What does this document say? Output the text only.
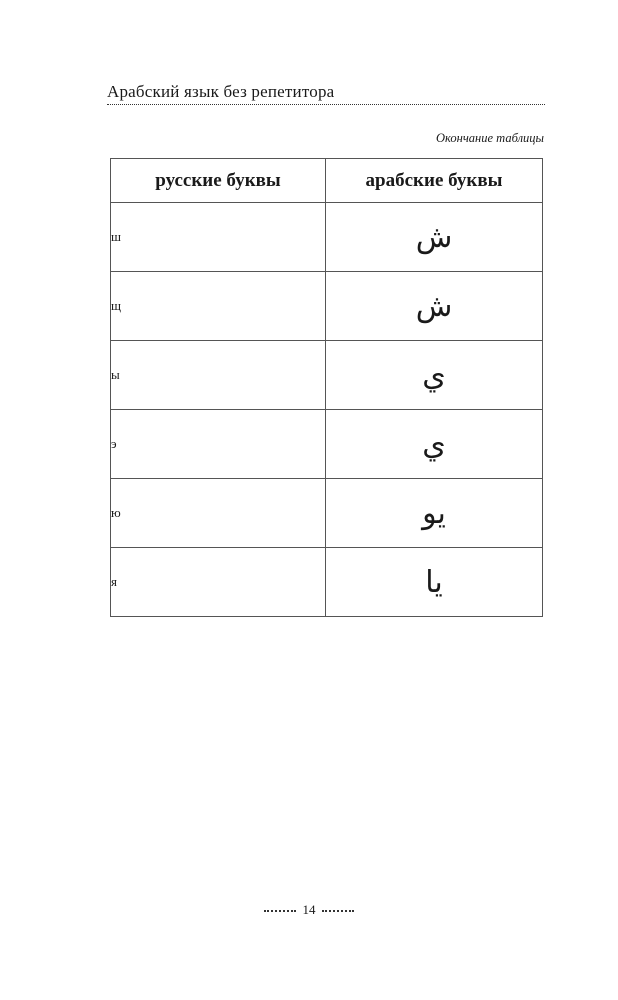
Арабский язык без репетитора
Окончание таблицы
русские буквы	арабские буквы
ш	ش
щ	ش
ы	ي
э	ي
ю	يو
я	يا
14
